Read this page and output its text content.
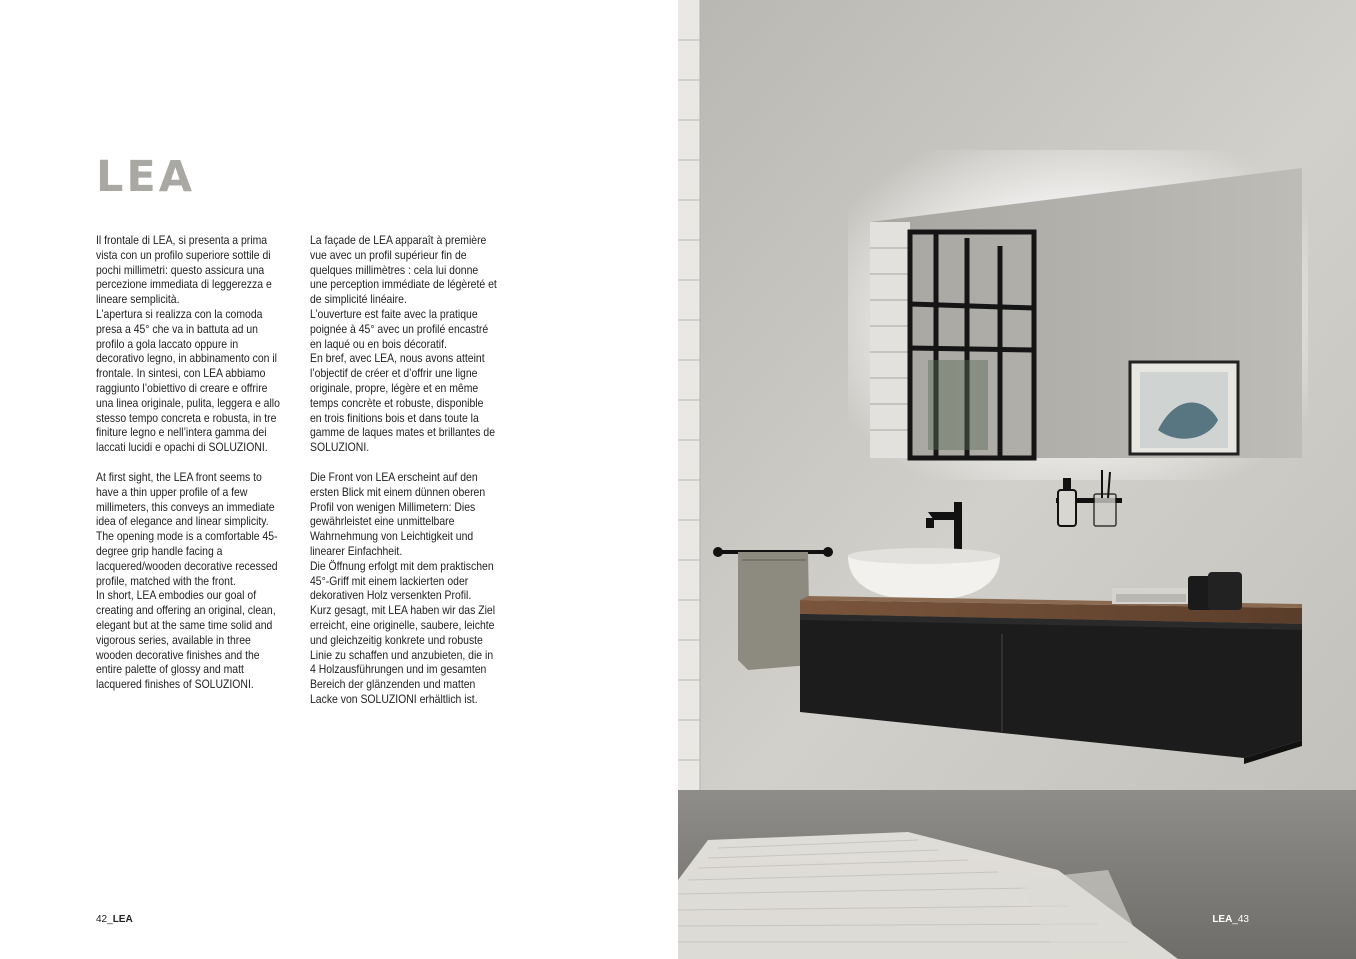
LEA

Il frontale di LEA, si presenta a prima vista con un profilo superiore sottile di pochi millimetri: questo assicura una percezione immediata di leggerezza e lineare semplicità.

L’apertura si realizza con la comoda presa a 45° che va in battuta ad un profilo a gola laccato oppure in decorativo legno, in abbinamento con il frontale. In sintesi, con LEA abbiamo raggiunto l’obiettivo di creare e offrire una linea originale, pulita, leggera e allo stesso tempo concreta e robusta, in tre finiture legno e nell’intera gamma dei laccati lucidi e opachi di SOLUZIONI.

La façade de LEA apparaît à première vue avec un profil supérieur fin de quelques millimètres : cela lui donne une perception immédiate de légèreté et de simplicité linéaire.

L’ouverture est faite avec la pratique poignée à 45° avec un profilé encastré en laqué ou en bois décoratif.

En bref, avec LEA, nous avons atteint l’objectif de créer et d’offrir une ligne originale, propre, légère et en même temps concrète et robuste, disponible en trois finitions bois et dans toute la gamme de laques mates et brillantes de SOLUZIONI.

At first sight, the LEA front seems to have a thin upper profile of a few millimeters, this conveys an immediate idea of elegance and linear simplicity.

The opening mode is a comfortable 45-degree grip handle facing a lacquered/wooden decorative recessed profile, matched with the front.

In short, LEA embodies our goal of creating and offering an original, clean, elegant but at the same time solid and vigorous series, available in three wooden decorative finishes and the entire palette of glossy and matt lacquered finishes of SOLUZIONI.

Die Front von LEA erscheint auf den ersten Blick mit einem dünnen oberen Profil von wenigen Millimetern: Dies gewährleistet eine unmittelbare Wahrnehmung von Leichtigkeit und linearer Einfachheit.

Die Öffnung erfolgt mit dem praktischen 45°-Griff mit einem lackierten oder dekorativen Holz versenkten Profil.

Kurz gesagt, mit LEA haben wir das Ziel erreicht, eine originelle, saubere, leichte und gleichzeitig konkrete und robuste Linie zu schaffen und anzubieten, die in 4 Holzausführungen und im gesamten Bereich der glänzenden und matten Lacke von SOLUZIONI erhältlich ist.

42_LEA	LEA_43
